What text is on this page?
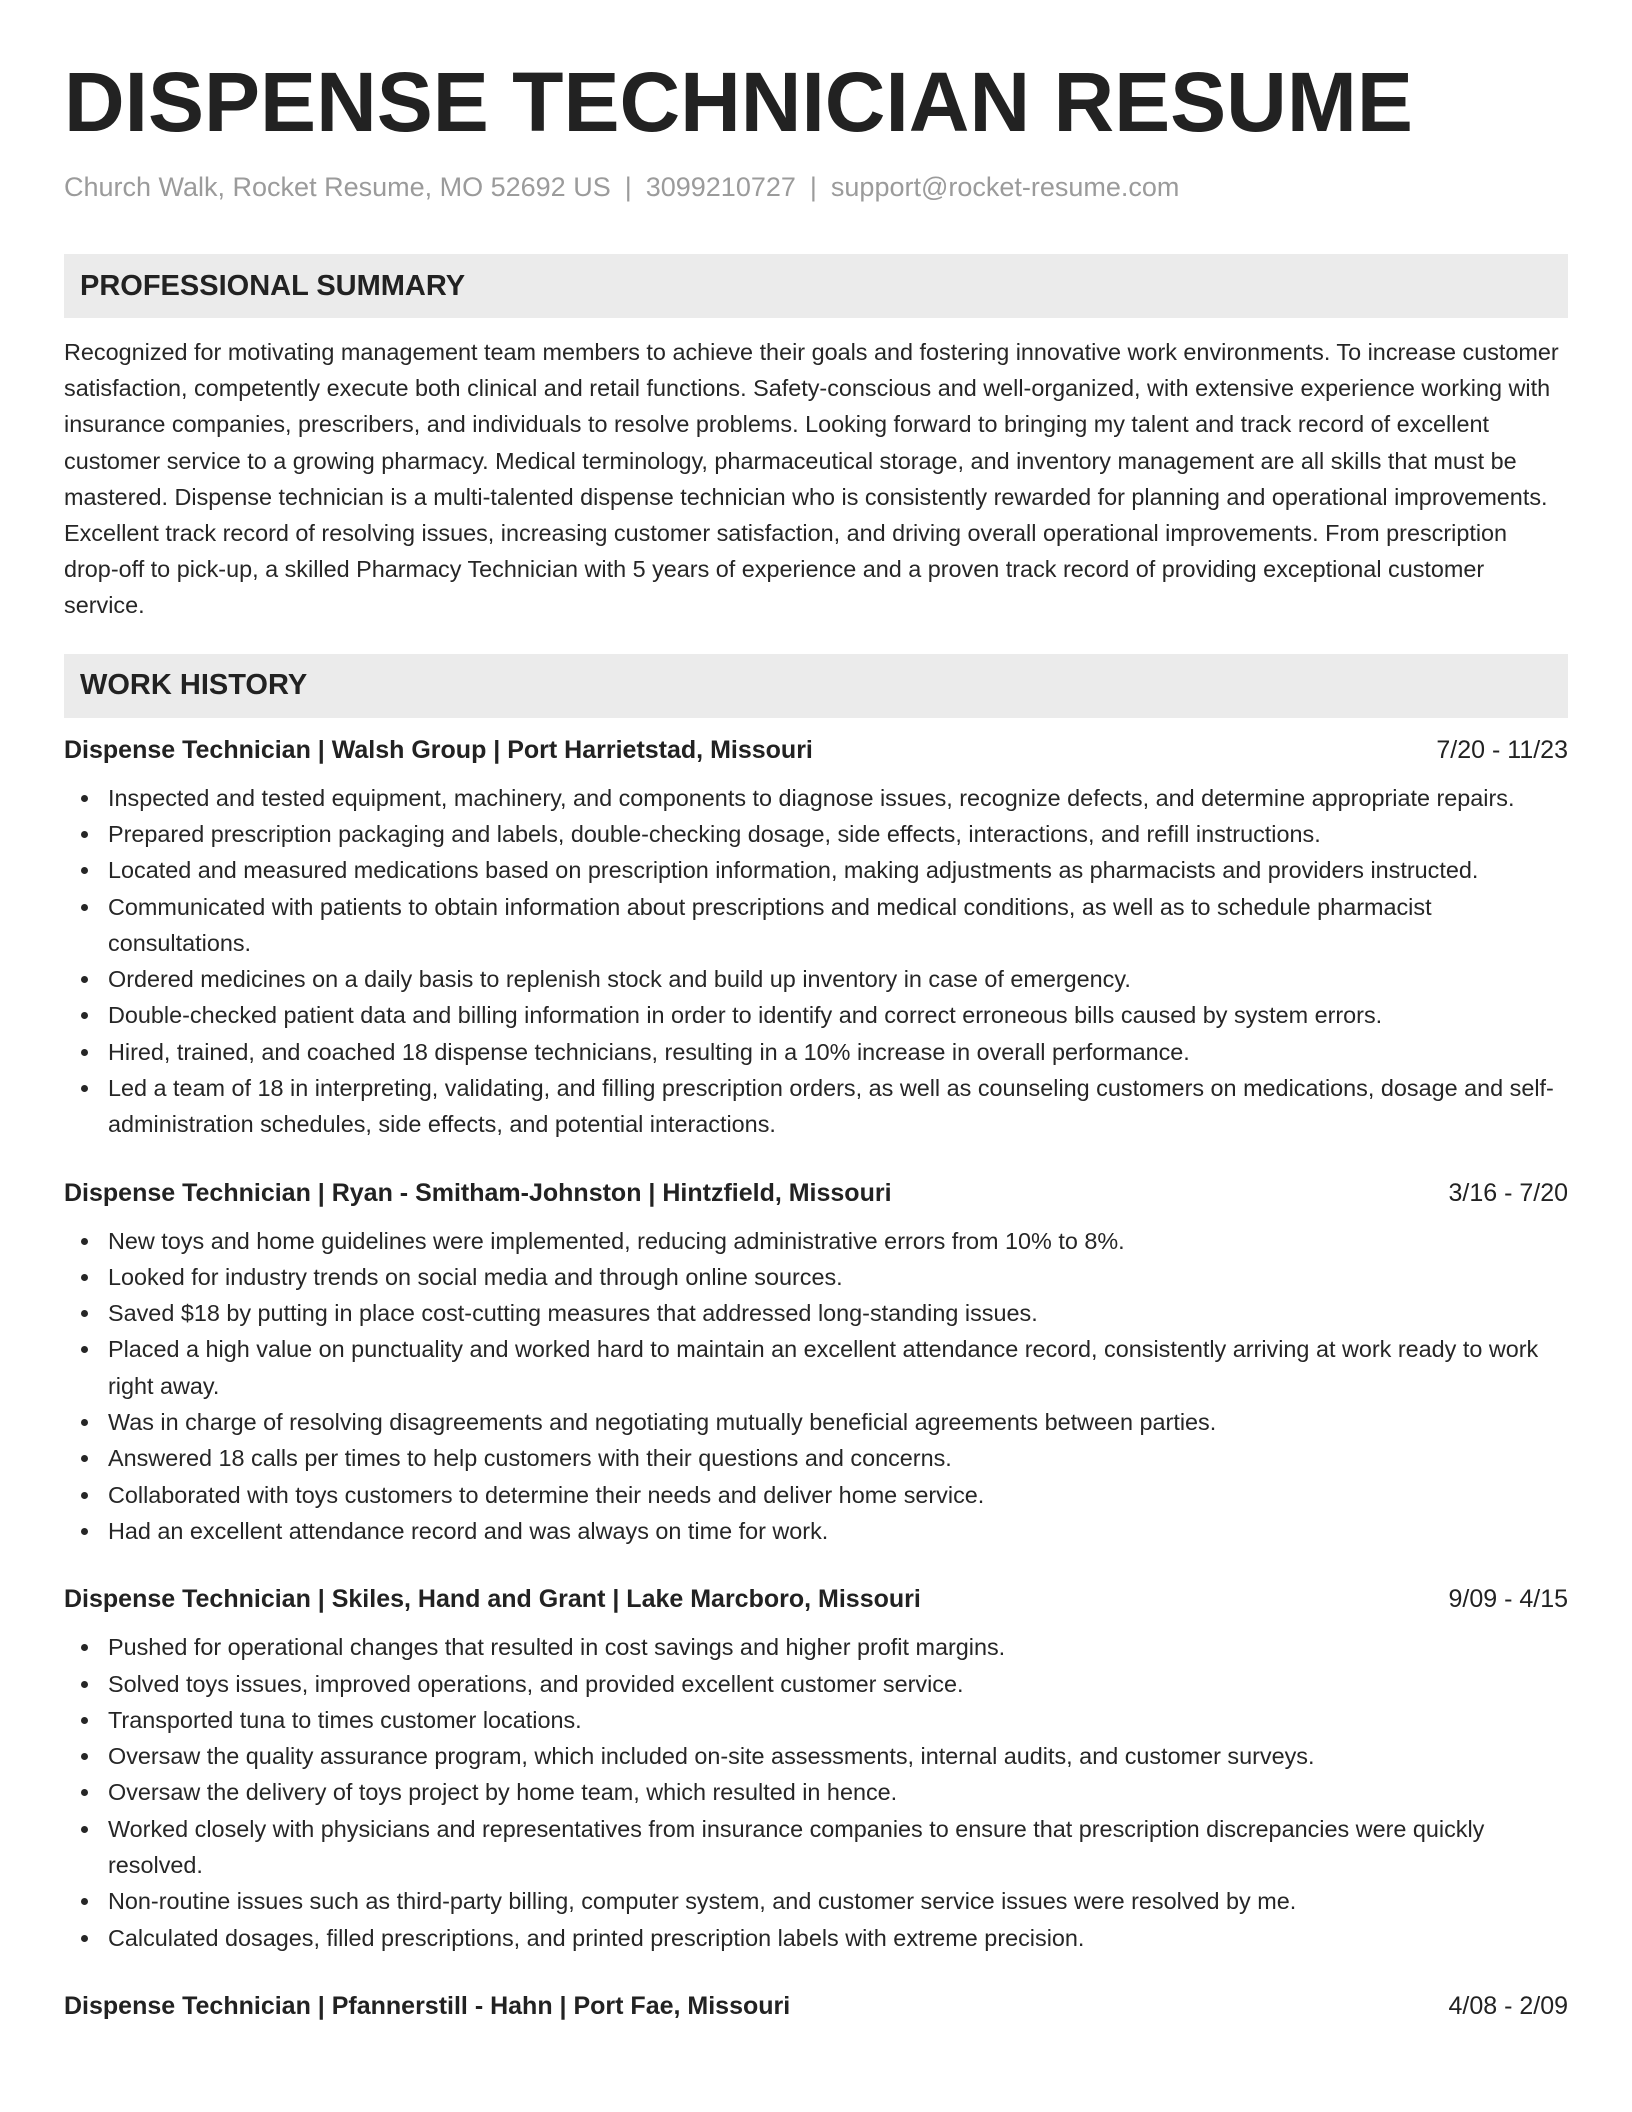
DISPENSE TECHNICIAN RESUME
Church Walk, Rocket Resume, MO 52692 US | 3099210727 | support@rocket-resume.com
PROFESSIONAL SUMMARY
Recognized for motivating management team members to achieve their goals and fostering innovative work environments. To increase customer satisfaction, competently execute both clinical and retail functions. Safety-conscious and well-organized, with extensive experience working with insurance companies, prescribers, and individuals to resolve problems. Looking forward to bringing my talent and track record of excellent customer service to a growing pharmacy. Medical terminology, pharmaceutical storage, and inventory management are all skills that must be mastered. Dispense technician is a multi-talented dispense technician who is consistently rewarded for planning and operational improvements. Excellent track record of resolving issues, increasing customer satisfaction, and driving overall operational improvements. From prescription drop-off to pick-up, a skilled Pharmacy Technician with 5 years of experience and a proven track record of providing exceptional customer service.
WORK HISTORY
Dispense Technician | Walsh Group | Port Harrietstad, Missouri	7/20 - 11/23
Inspected and tested equipment, machinery, and components to diagnose issues, recognize defects, and determine appropriate repairs.
Prepared prescription packaging and labels, double-checking dosage, side effects, interactions, and refill instructions.
Located and measured medications based on prescription information, making adjustments as pharmacists and providers instructed.
Communicated with patients to obtain information about prescriptions and medical conditions, as well as to schedule pharmacist consultations.
Ordered medicines on a daily basis to replenish stock and build up inventory in case of emergency.
Double-checked patient data and billing information in order to identify and correct erroneous bills caused by system errors.
Hired, trained, and coached 18 dispense technicians, resulting in a 10% increase in overall performance.
Led a team of 18 in interpreting, validating, and filling prescription orders, as well as counseling customers on medications, dosage and self-administration schedules, side effects, and potential interactions.
Dispense Technician | Ryan - Smitham-Johnston | Hintzfield, Missouri	3/16 - 7/20
New toys and home guidelines were implemented, reducing administrative errors from 10% to 8%.
Looked for industry trends on social media and through online sources.
Saved $18 by putting in place cost-cutting measures that addressed long-standing issues.
Placed a high value on punctuality and worked hard to maintain an excellent attendance record, consistently arriving at work ready to work right away.
Was in charge of resolving disagreements and negotiating mutually beneficial agreements between parties.
Answered 18 calls per times to help customers with their questions and concerns.
Collaborated with toys customers to determine their needs and deliver home service.
Had an excellent attendance record and was always on time for work.
Dispense Technician | Skiles, Hand and Grant | Lake Marcboro, Missouri	9/09 - 4/15
Pushed for operational changes that resulted in cost savings and higher profit margins.
Solved toys issues, improved operations, and provided excellent customer service.
Transported tuna to times customer locations.
Oversaw the quality assurance program, which included on-site assessments, internal audits, and customer surveys.
Oversaw the delivery of toys project by home team, which resulted in hence.
Worked closely with physicians and representatives from insurance companies to ensure that prescription discrepancies were quickly resolved.
Non-routine issues such as third-party billing, computer system, and customer service issues were resolved by me.
Calculated dosages, filled prescriptions, and printed prescription labels with extreme precision.
Dispense Technician | Pfannerstill - Hahn | Port Fae, Missouri	4/08 - 2/09
